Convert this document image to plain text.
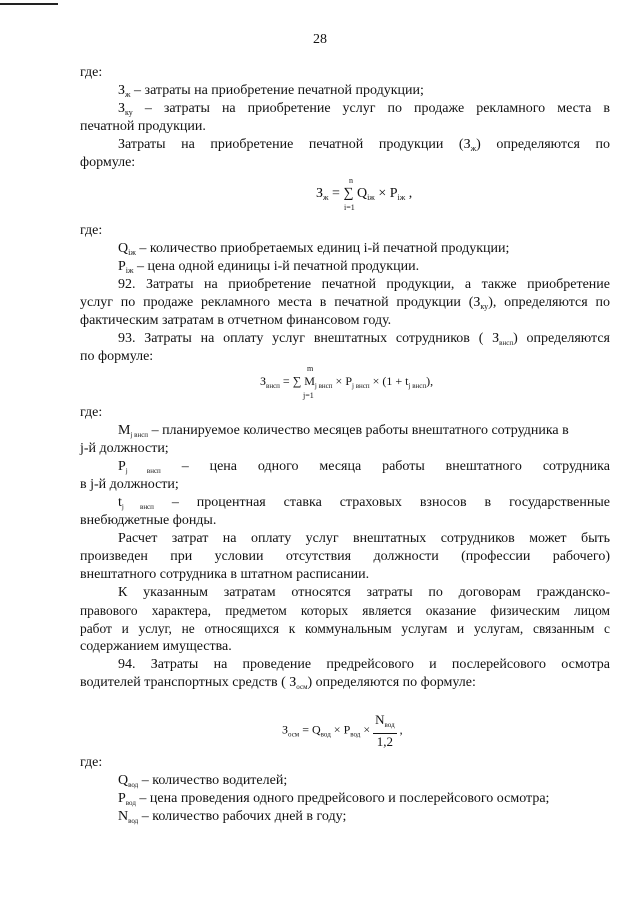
28
где:
$З_ж$ – затраты на приобретение печатной продукции;
$З_{ку}$ – затраты на приобретение услуг по продаже рекламного места в
печатной продукции.
Затраты на приобретение печатной продукции $(З_ж)$ определяются по
формуле:
$З_ж$ = ∑ $Q_{iж} \times P_{iж}$ ,
n
i=1
где:
$Q_{iж}$ – количество приобретаемых единиц i-й печатной продукции;
$P_{iж}$ – цена одной единицы i-й печатной продукции.
92. Затраты на приобретение печатной продукции, а также приобретение
услуг по продаже рекламного места в печатной продукции $(З_{ку})$, определяются по
фактическим затратам в отчетном финансовом году.
93. Затраты на оплату услуг внештатных сотрудников ( $З_{внсп}$) определяются
по формуле:
$З_{внсп}$ = ∑ $M_{j внсп} \times P_{j внсп} \times (1 + t_{j внсп})$,
m
j=1
где:
$M_{j внсп}$ – планируемое количество месяцев работы внештатного сотрудника в
j-й должности;
$P_{j внсп}$ – цена одного месяца работы внештатного сотрудника
в j-й должности;
$t_{j внсп}$ – процентная ставка страховых взносов в государственные
внебюджетные фонды.
Расчет затрат на оплату услуг внештатных сотрудников может быть
произведен при условии отсутствия должности (профессии рабочего)
внештатного сотрудника в штатном расписании.
К указанным затратам относятся затраты по договорам гражданско-
правового характера, предметом которых является оказание физическим лицом
работ и услуг, не относящихся к коммунальным услугам и услугам, связанным с
содержанием имущества.
94. Затраты на проведение предрейсового и послерейсового осмотра
водителей транспортных средств ( $З_{осм}$) определяются по формуле:
$З_{осм} = Q_{вод} \times P_{вод} \times \frac{N_{вод}}{1,2}$ ,
где:
$Q_{вод}$ – количество водителей;
$P_{вод}$ – цена проведения одного предрейсового и послерейсового осмотра;
$N_{вод}$ – количество рабочих дней в году;
